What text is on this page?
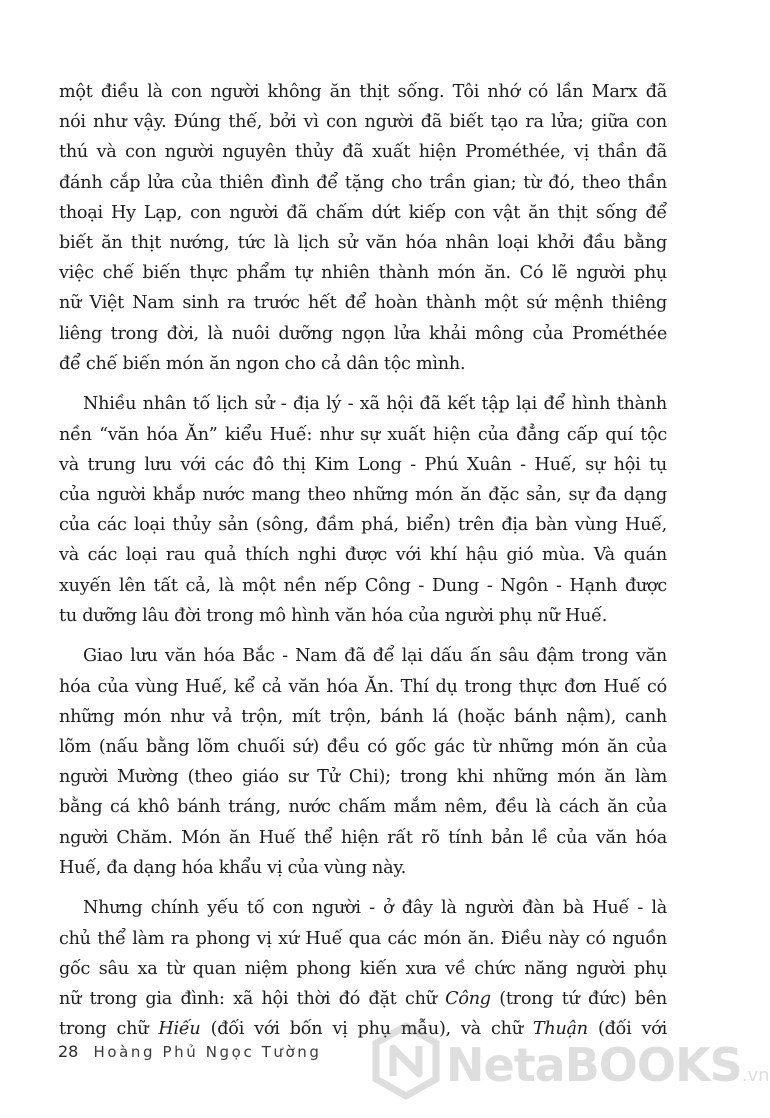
một điều là con người không ăn thịt sống. Tôi nhớ có lần Marx đã
nói như vậy. Đúng thế, bởi vì con người đã biết tạo ra lửa; giữa con
thú và con người nguyên thủy đã xuất hiện Prométhée, vị thần đã
đánh cắp lửa của thiên đình để tặng cho trần gian; từ đó, theo thần
thoại Hy Lạp, con người đã chấm dứt kiếp con vật ăn thịt sống để
biết ăn thịt nướng, tức là lịch sử văn hóa nhân loại khởi đầu bằng
việc chế biến thực phẩm tự nhiên thành món ăn. Có lẽ người phụ
nữ Việt Nam sinh ra trước hết để hoàn thành một sứ mệnh thiêng
liêng trong đời, là nuôi dưỡng ngọn lửa khải mông của Prométhée
để chế biến món ăn ngon cho cả dân tộc mình.
Nhiều nhân tố lịch sử - địa lý - xã hội đã kết tập lại để hình thành
nền “văn hóa Ăn” kiểu Huế: như sự xuất hiện của đẳng cấp quí tộc
và trung lưu với các đô thị Kim Long - Phú Xuân - Huế, sự hội tụ
của người khắp nước mang theo những món ăn đặc sản, sự đa dạng
của các loại thủy sản (sông, đầm phá, biển) trên địa bàn vùng Huế,
và các loại rau quả thích nghi được với khí hậu gió mùa. Và quán
xuyến lên tất cả, là một nền nếp Công - Dung - Ngôn - Hạnh được
tu dưỡng lâu đời trong mô hình văn hóa của người phụ nữ Huế.
Giao lưu văn hóa Bắc - Nam đã để lại dấu ấn sâu đậm trong văn
hóa của vùng Huế, kể cả văn hóa Ăn. Thí dụ trong thực đơn Huế có
những món như vả trộn, mít trộn, bánh lá (hoặc bánh nậm), canh
lõm (nấu bằng lõm chuối sứ) đều có gốc gác từ những món ăn của
người Mường (theo giáo sư Tử Chi); trong khi những món ăn làm
bằng cá khô bánh tráng, nước chấm mắm nêm, đều là cách ăn của
người Chăm. Món ăn Huế thể hiện rất rõ tính bản lề của văn hóa
Huế, đa dạng hóa khẩu vị của vùng này.
Nhưng chính yếu tố con người - ở đây là người đàn bà Huế - là
chủ thể làm ra phong vị xứ Huế qua các món ăn. Điều này có nguồn
gốc sâu xa từ quan niệm phong kiến xưa về chức năng người phụ
nữ trong gia đình: xã hội thời đó đặt chữ Công (trong tứ đức) bên
trong chữ Hiếu (đối với bốn vị phụ mẫu), và chữ Thuận (đối với
28 Hoàng Phủ Ngọc Tường	NetaBOOKS.vn
